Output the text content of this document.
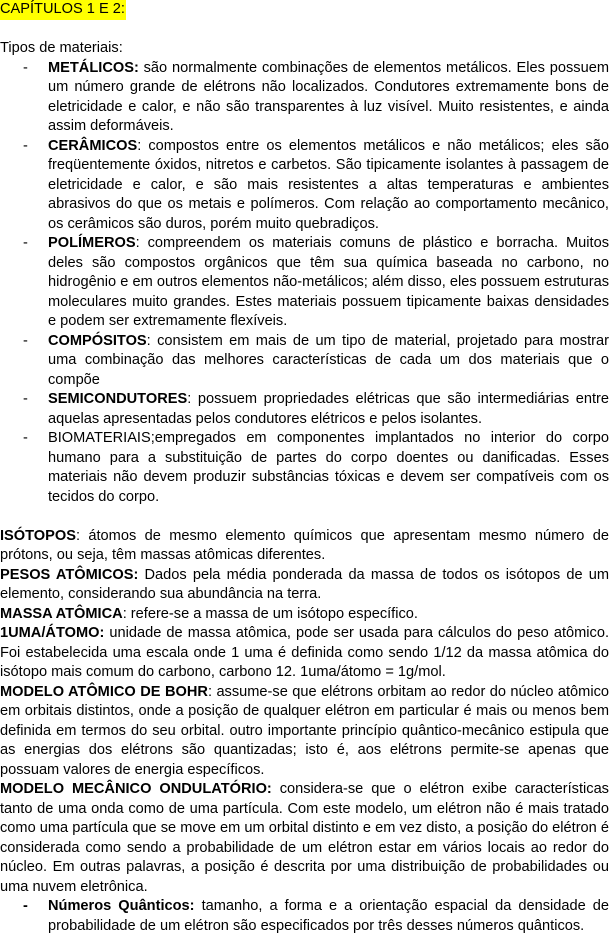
CAPÍTULOS 1 E 2:

Tipos de materiais:

- METÁLICOS: são normalmente combinações de elementos metálicos. Eles possuem um número grande de elétrons não localizados. Condutores extremamente bons de eletricidade e calor, e não são transparentes à luz visível. Muito resistentes, e ainda assim deformáveis.
- CERÂMICOS: compostos entre os elementos metálicos e não metálicos; eles são freqüentemente óxidos, nitretos e carbetos. São tipicamente isolantes à passagem de eletricidade e calor, e são mais resistentes a altas temperaturas e ambientes abrasivos do que os metais e polímeros. Com relação ao comportamento mecânico, os cerâmicos são duros, porém muito quebradiços.
- POLÍMEROS: compreendem os materiais comuns de plástico e borracha. Muitos deles são compostos orgânicos que têm sua química baseada no carbono, no hidrogênio e em outros elementos não-metálicos; além disso, eles possuem estruturas moleculares muito grandes. Estes materiais possuem tipicamente baixas densidades e podem ser extremamente flexíveis.
- COMPÓSITOS: consistem em mais de um tipo de material, projetado para mostrar uma combinação das melhores características de cada um dos materiais que o compõe
- SEMICONDUTORES: possuem propriedades elétricas que são intermediárias entre aquelas apresentadas pelos condutores elétricos e pelos isolantes.
- BIOMATERIAIS;empregados em componentes implantados no interior do corpo humano para a substituição de partes do corpo doentes ou danificadas. Esses materiais não devem produzir substâncias tóxicas e devem ser compatíveis com os tecidos do corpo.

ISÓTOPOS: átomos de mesmo elemento químicos que apresentam mesmo número de prótons, ou seja, têm massas atômicas diferentes.

PESOS ATÔMICOS: Dados pela média ponderada da massa de todos os isótopos de um elemento, considerando sua abundância na terra.

MASSA ATÔMICA: refere-se a massa de um isótopo específico.

1UMA/ÁTOMO: unidade de massa atômica, pode ser usada para cálculos do peso atômico. Foi estabelecida uma escala onde 1 uma é definida como sendo 1/12 da massa atômica do isótopo mais comum do carbono, carbono 12. 1uma/átomo = 1g/mol.

MODELO ATÔMICO DE BOHR: assume-se que elétrons orbitam ao redor do núcleo atômico em orbitais distintos, onde a posição de qualquer elétron em particular é mais ou menos bem definida em termos do seu orbital. outro importante princípio quântico-mecânico estipula que as energias dos elétrons são quantizadas; isto é, aos elétrons permite-se apenas que possuam valores de energia específicos.

MODELO MECÂNICO ONDULATÓRIO: considera-se que o elétron exibe características tanto de uma onda como de uma partícula. Com este modelo, um elétron não é mais tratado como uma partícula que se move em um orbital distinto e em vez disto, a posição do elétron é considerada como sendo a probabilidade de um elétron estar em vários locais ao redor do núcleo. Em outras palavras, a posição é descrita por uma distribuição de probabilidades ou uma nuvem eletrônica.

- Números Quânticos: tamanho, a forma e a orientação espacial da densidade de probabilidade de um elétron são especificados por três desses números quânticos.
